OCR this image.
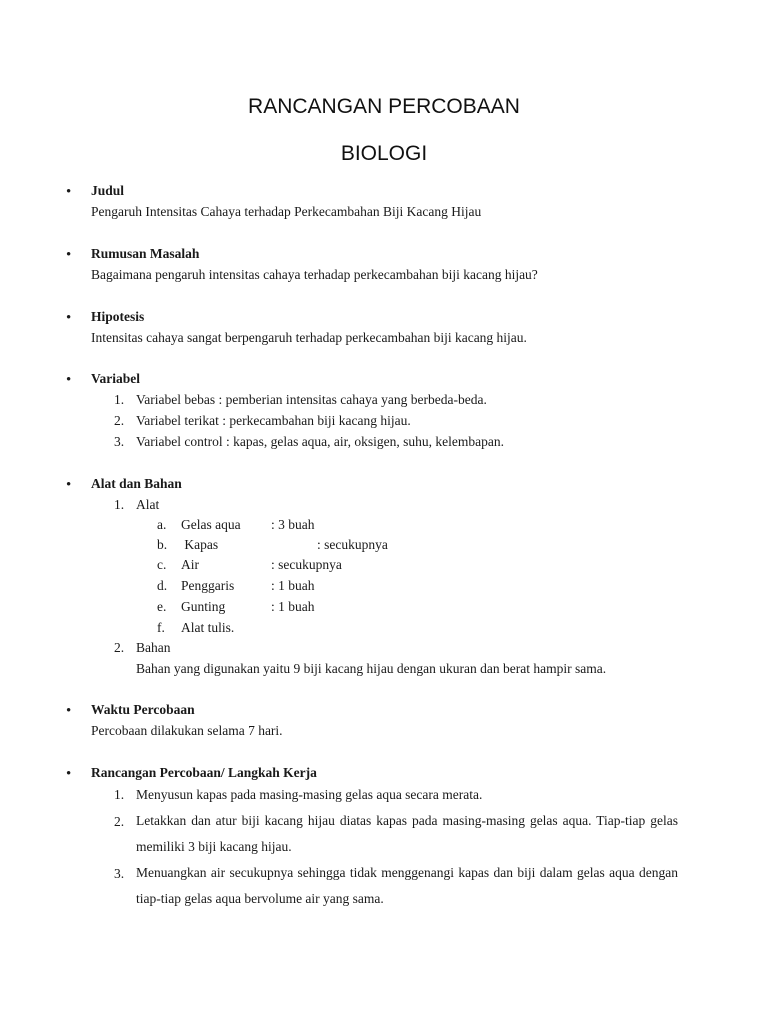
RANCANGAN PERCOBAAN
BIOLOGI
• Judul
Pengaruh Intensitas Cahaya terhadap Perkecambahan Biji Kacang Hijau
• Rumusan Masalah
Bagaimana pengaruh intensitas cahaya terhadap perkecambahan biji kacang hijau?
• Hipotesis
Intensitas cahaya sangat berpengaruh terhadap perkecambahan biji kacang hijau.
• Variabel
1. Variabel bebas : pemberian intensitas cahaya yang berbeda-beda.
2. Variabel terikat : perkecambahan biji kacang hijau.
3. Variabel control : kapas, gelas aqua, air, oksigen, suhu, kelembapan.
• Alat dan Bahan
1. Alat
a. Gelas aqua : 3 buah
b. Kapas	: secukupnya
c. Air	: secukupnya
d. Penggaris	: 1 buah
e. Gunting	: 1 buah
f. Alat tulis.
2. Bahan
Bahan yang digunakan yaitu 9 biji kacang hijau dengan ukuran dan berat hampir sama.
• Waktu Percobaan
Percobaan dilakukan selama 7 hari.
• Rancangan Percobaan/ Langkah Kerja
1. Menyusun kapas pada masing-masing gelas aqua secara merata.
2. Letakkan dan atur biji kacang hijau diatas kapas pada masing-masing gelas aqua. Tiap-tiap gelas memiliki 3 biji kacang hijau.
3. Menuangkan air secukupnya sehingga tidak menggenangi kapas dan biji dalam gelas aqua dengan tiap-tiap gelas aqua bervolume air yang sama.
